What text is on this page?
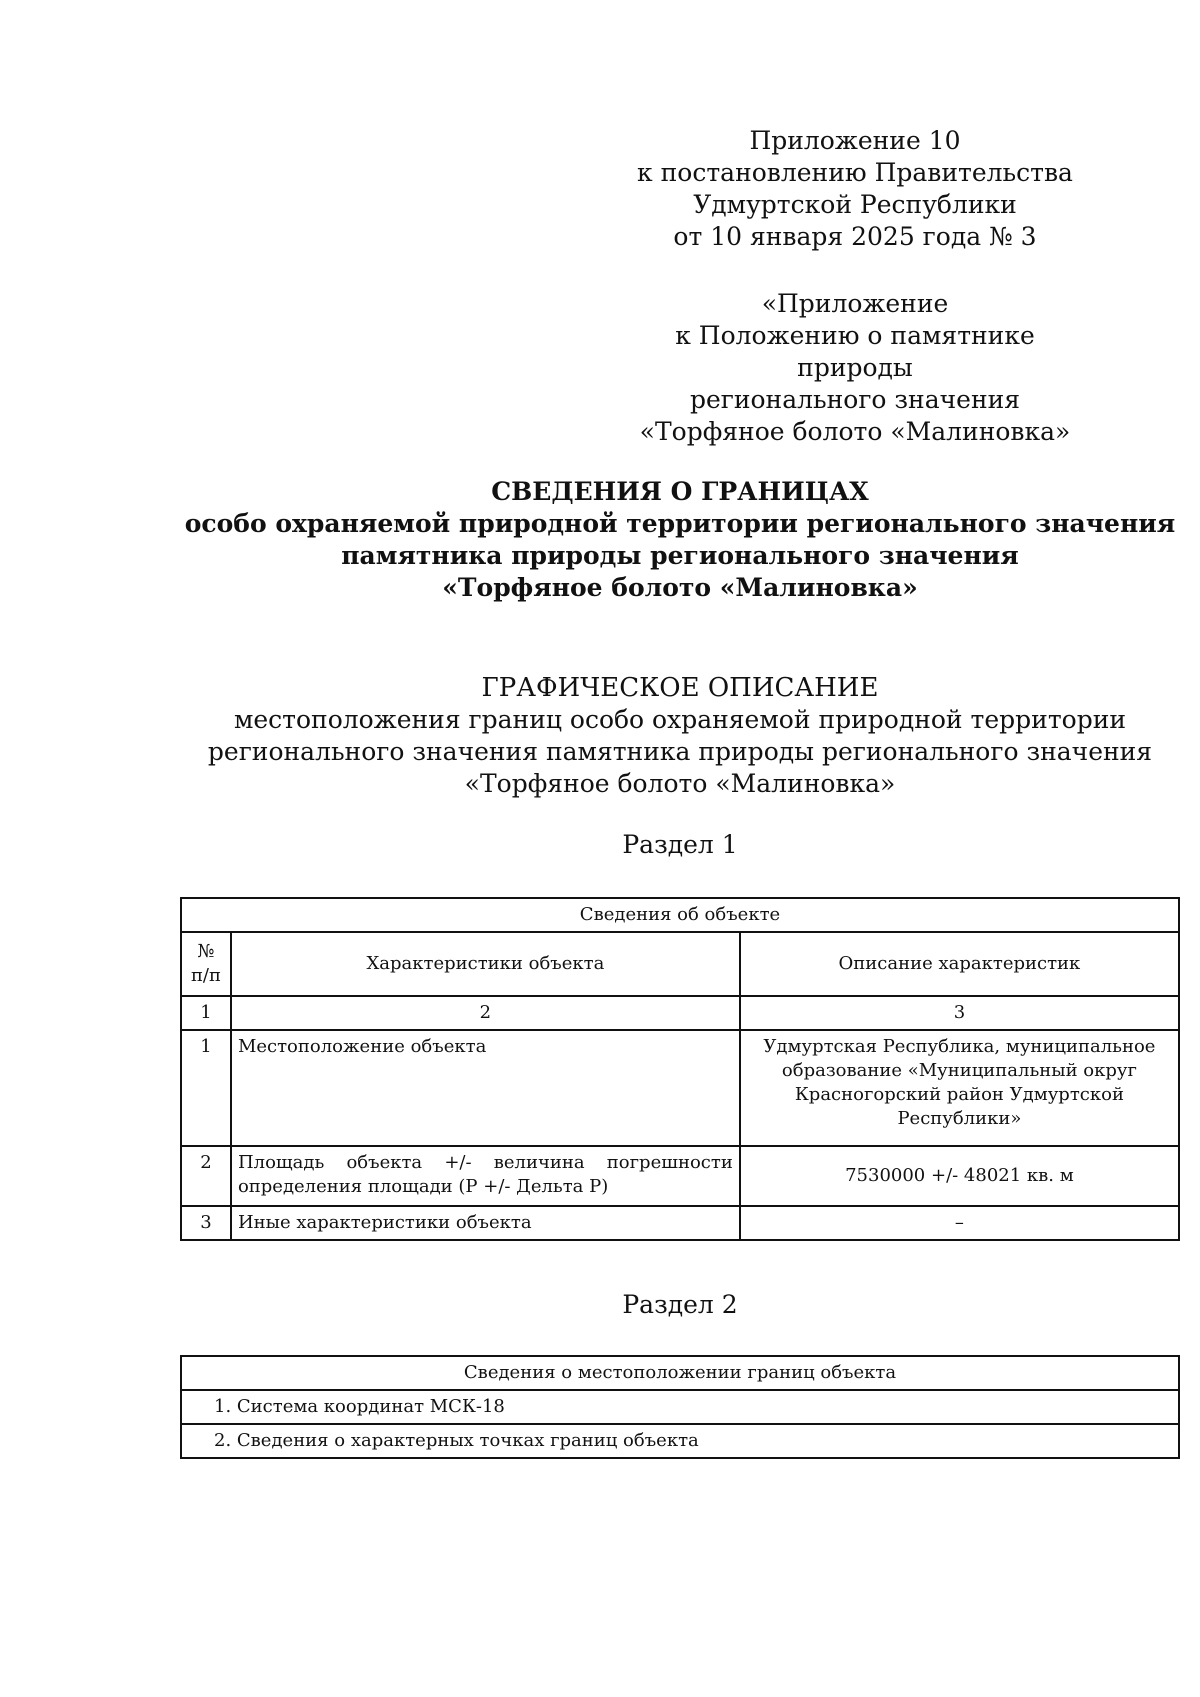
Приложение 10
к постановлению Правительства
Удмуртской Республики
от 10 января 2025 года № 3
«Приложение
к Положению о памятнике природы
регионального значения
«Торфяное болото «Малиновка»
СВЕДЕНИЯ О ГРАНИЦАХ
особо охраняемой природной территории регионального значения
памятника природы регионального значения
«Торфяное болото «Малиновка»
ГРАФИЧЕСКОЕ ОПИСАНИЕ
местоположения границ особо охраняемой природной территории
регионального значения памятника природы регионального значения
«Торфяное болото «Малиновка»
Раздел 1
Сведения об объекте		
№ п/п	Характеристики объекта	Описание характеристик
1	2	3
1	Местоположение объекта	Удмуртская Республика, муниципальное образование «Муниципальный округ Красногорский район Удмуртской Республики»
2	Площадь объекта +/- величина погрешности определения площади (P +/- Дельта P)	7530000 +/- 48021 кв. м
3	Иные характеристики объекта	–
Раздел 2
Сведения о местоположении границ объекта
1. Система координат МСК-18
2. Сведения о характерных точках границ объекта
